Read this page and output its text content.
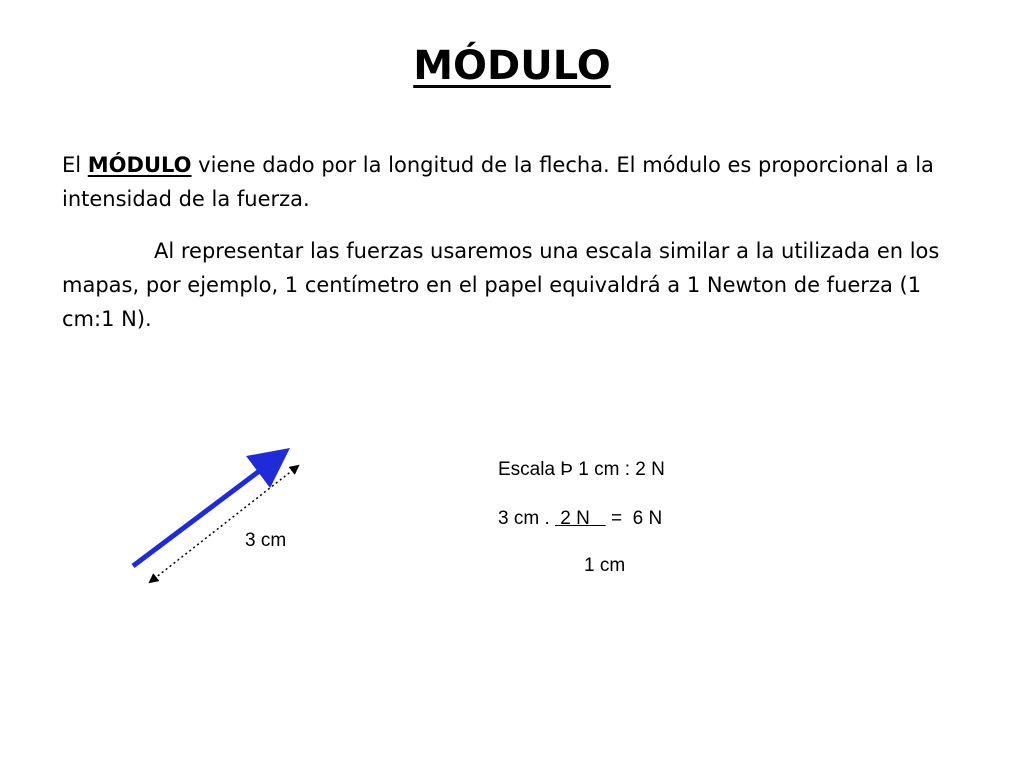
MÓDULO

El MÓDULO viene dado por la longitud de la flecha. El módulo es proporcional a la intensidad de la fuerza.

Al representar las fuerzas usaremos una escala similar a la utilizada en los mapas, por ejemplo, 1 centímetro en el papel equivaldrá a 1 Newton de fuerza (1 cm:1 N).

3 cm
Escala Þ 1 cm : 2 N
3 cm .  2 N    =  6 N
1 cm
